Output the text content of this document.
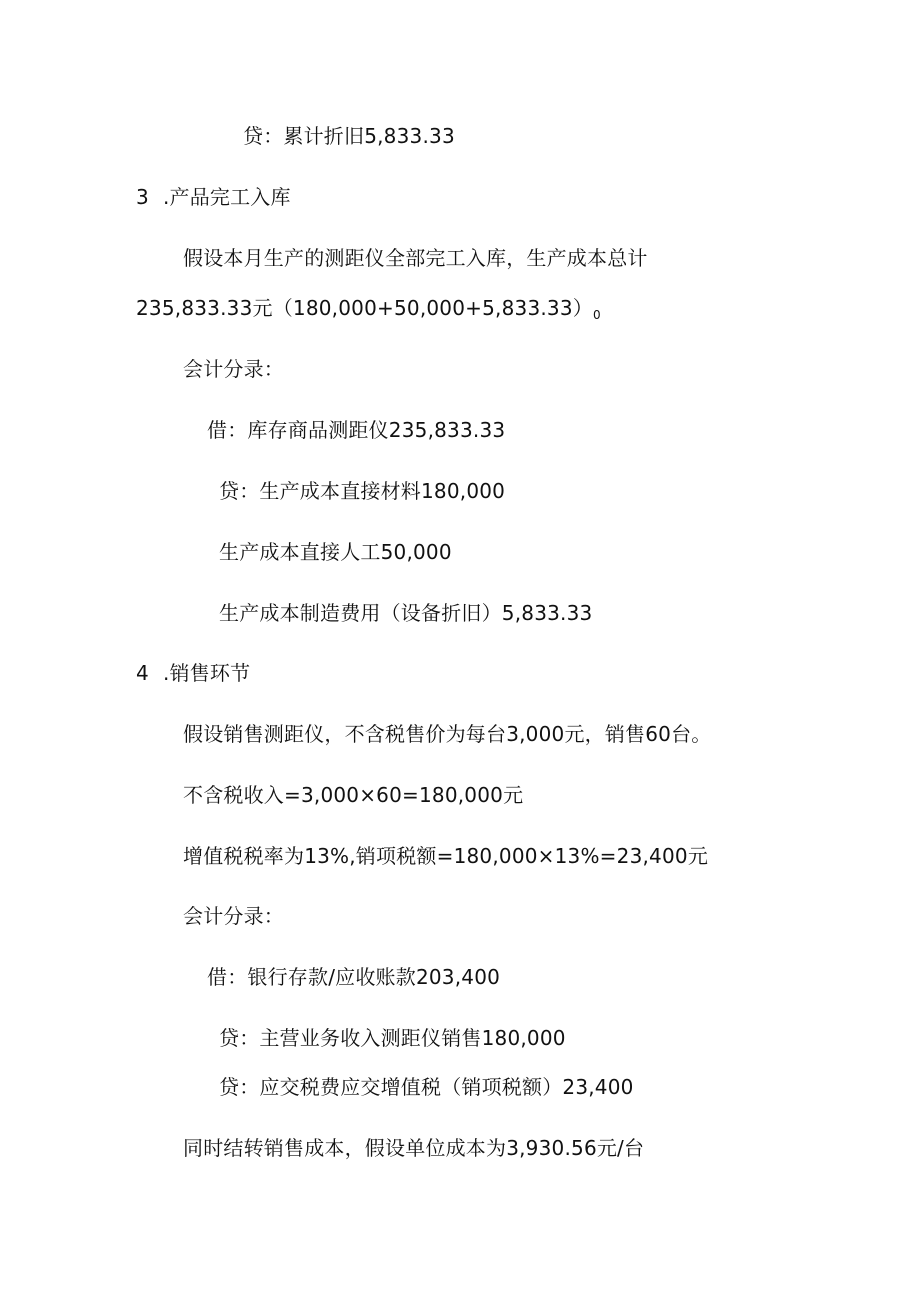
贷：累计折旧5,833.33
3 .产品完工入库
假设本月生产的测距仪全部完工入库，生产成本总计
235,833.33元$(180,000+50,000+5,833.33)_0$
会计分录：
借：库存商品测距仪235,833.33
贷：生产成本直接材料180,000
生产成本直接人工50,000
生产成本制造费用（设备折旧）5,833.33
4 .销售环节
假设销售测距仪，不含税售价为每台3,000元，销售60台。
不含税收入=3,000×60=180,000元
增值税税率为13%,销项税额=180,000×13%=23,400元
会计分录：
借：银行存款/应收账款203,400
贷：主营业务收入测距仪销售180,000
贷：应交税费应交增值税（销项税额）23,400
同时结转销售成本，假设单位成本为3,930.56元/台
